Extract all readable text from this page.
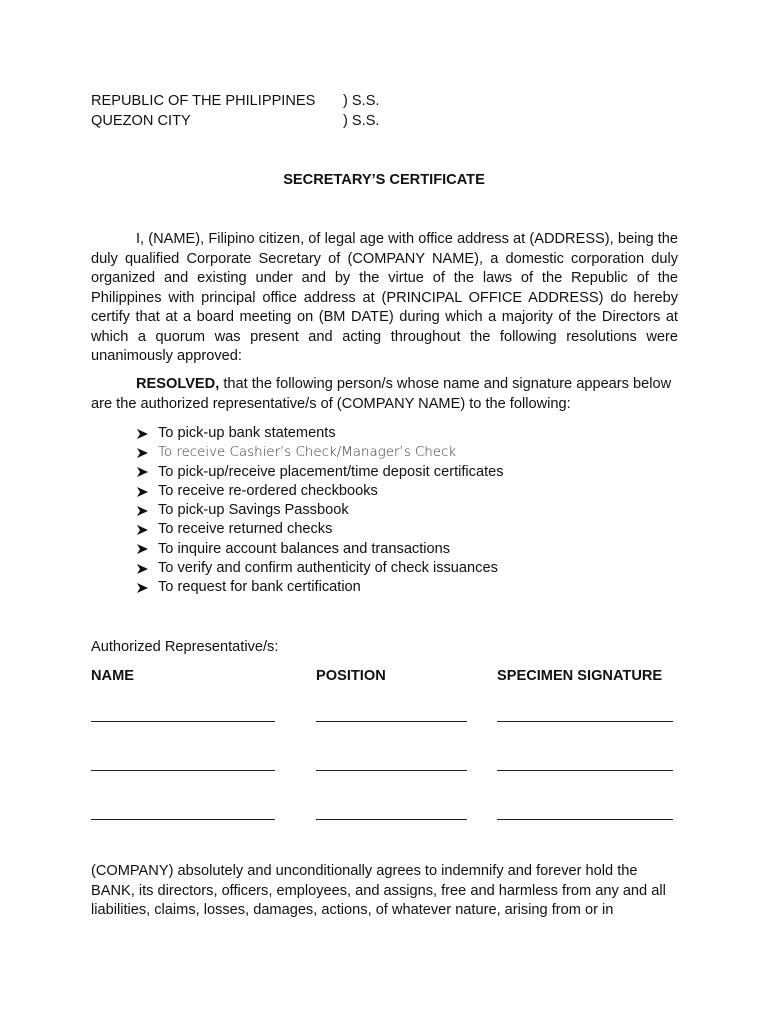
REPUBLIC OF THE PHILIPPINES ) S.S.
QUEZON CITY	) S.S.
SECRETARY’S CERTIFICATE
I, (NAME), Filipino citizen, of legal age with office address at (ADDRESS), being the duly qualified Corporate Secretary of (COMPANY NAME), a domestic corporation duly organized and existing under and by the virtue of the laws of the Republic of the Philippines with principal office address at (PRINCIPAL OFFICE ADDRESS) do hereby certify that at a board meeting on (BM DATE) during which a majority of the Directors at which a quorum was present and acting throughout the following resolutions were unanimously approved:
RESOLVED, that the following person/s whose name and signature appears below are the authorized representative/s of (COMPANY NAME) to the following:
To pick-up bank statements
To receive Cashier’s Check/Manager’s Check
To pick-up/receive placement/time deposit certificates
To receive re-ordered checkbooks
To pick-up Savings Passbook
To receive returned checks
To inquire account balances and transactions
To verify and confirm authenticity of check issuances
To request for bank certification
Authorized Representative/s:
NAME	POSITION	SPECIMEN SIGNATURE
(COMPANY) absolutely and unconditionally agrees to indemnify and forever hold the BANK, its directors, officers, employees, and assigns, free and harmless from any and all liabilities, claims, losses, damages, actions, of whatever nature, arising from or in
